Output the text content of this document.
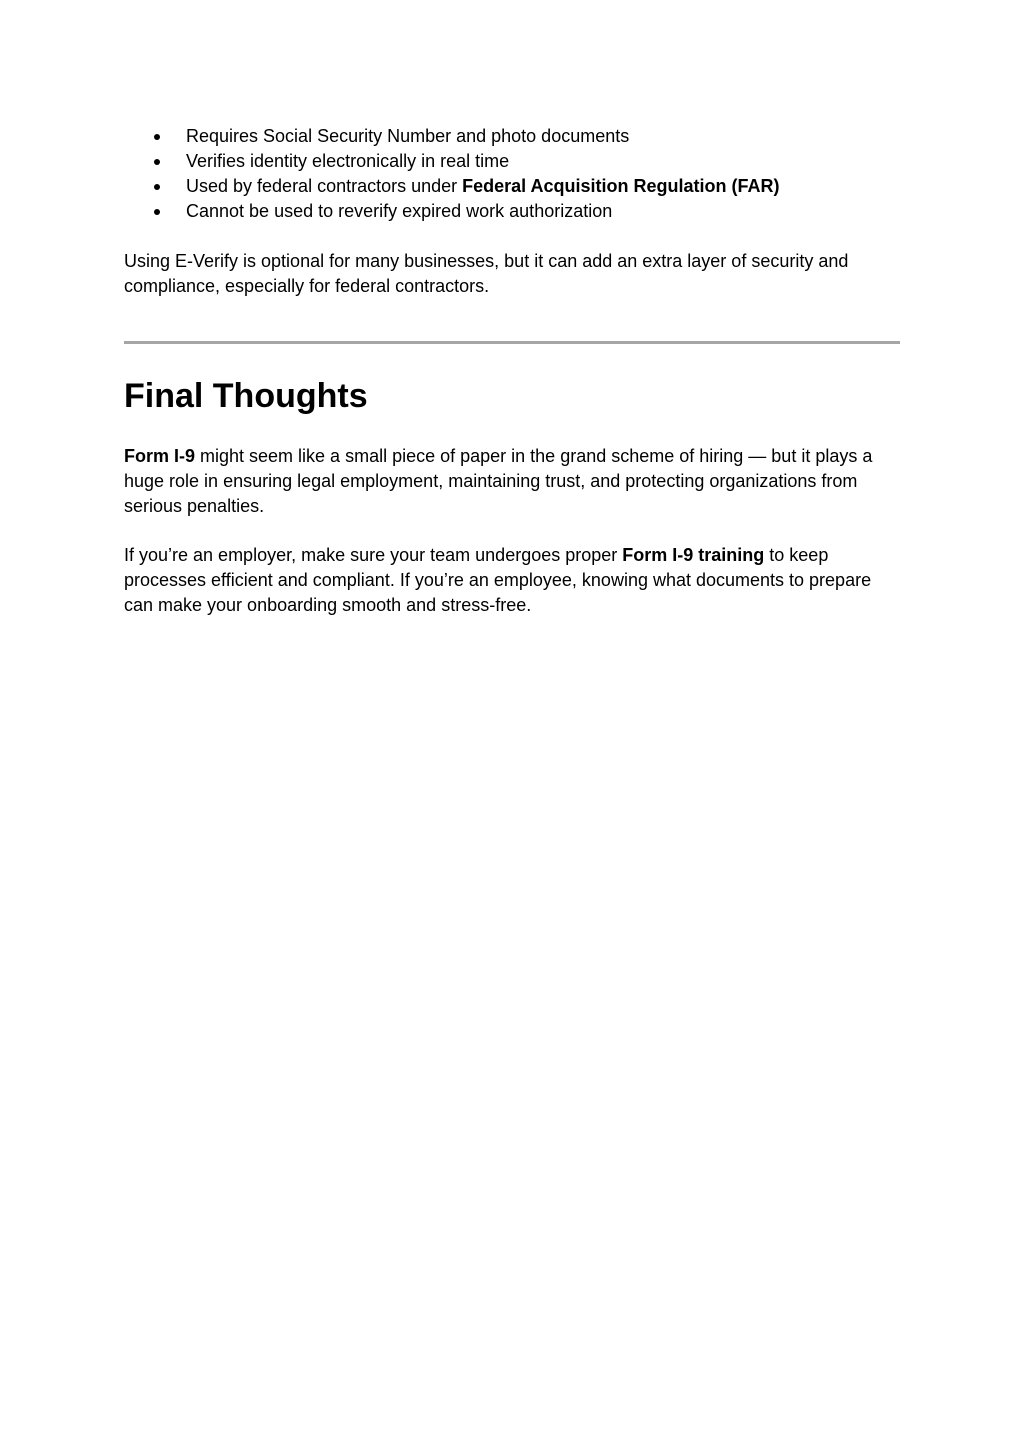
Requires Social Security Number and photo documents
Verifies identity electronically in real time
Used by federal contractors under Federal Acquisition Regulation (FAR)
Cannot be used to reverify expired work authorization

Using E-Verify is optional for many businesses, but it can add an extra layer of security and compliance, especially for federal contractors.

Final Thoughts

Form I-9 might seem like a small piece of paper in the grand scheme of hiring — but it plays a huge role in ensuring legal employment, maintaining trust, and protecting organizations from serious penalties.

If you’re an employer, make sure your team undergoes proper Form I-9 training to keep processes efficient and compliant. If you’re an employee, knowing what documents to prepare can make your onboarding smooth and stress-free.
